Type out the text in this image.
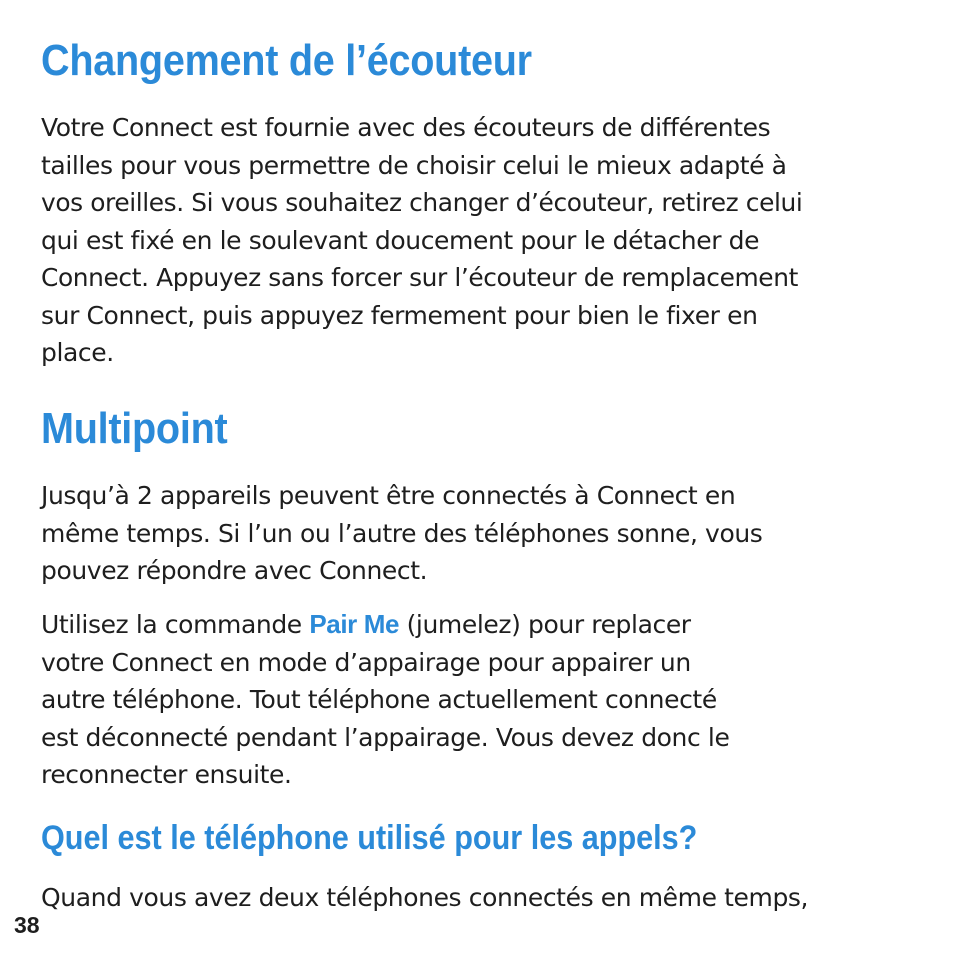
Changement de l’écouteur

Votre Connect est fournie avec des écouteurs de différentes
tailles pour vous permettre de choisir celui le mieux adapté à
vos oreilles. Si vous souhaitez changer d’écouteur, retirez celui
qui est fixé en le soulevant doucement pour le détacher de
Connect. Appuyez sans forcer sur l’écouteur de remplacement
sur Connect, puis appuyez fermement pour bien le fixer en
place.

Multipoint

Jusqu’à 2 appareils peuvent être connectés à Connect en
même temps. Si l’un ou l’autre des téléphones sonne, vous
pouvez répondre avec Connect.

Utilisez la commande Pair Me (jumelez) pour replacer
votre Connect en mode d’appairage pour appairer un
autre téléphone. Tout téléphone actuellement connecté
est déconnecté pendant l’appairage. Vous devez donc le
reconnecter ensuite.

Quel est le téléphone utilisé pour les appels?

Quand vous avez deux téléphones connectés en même temps,

38
